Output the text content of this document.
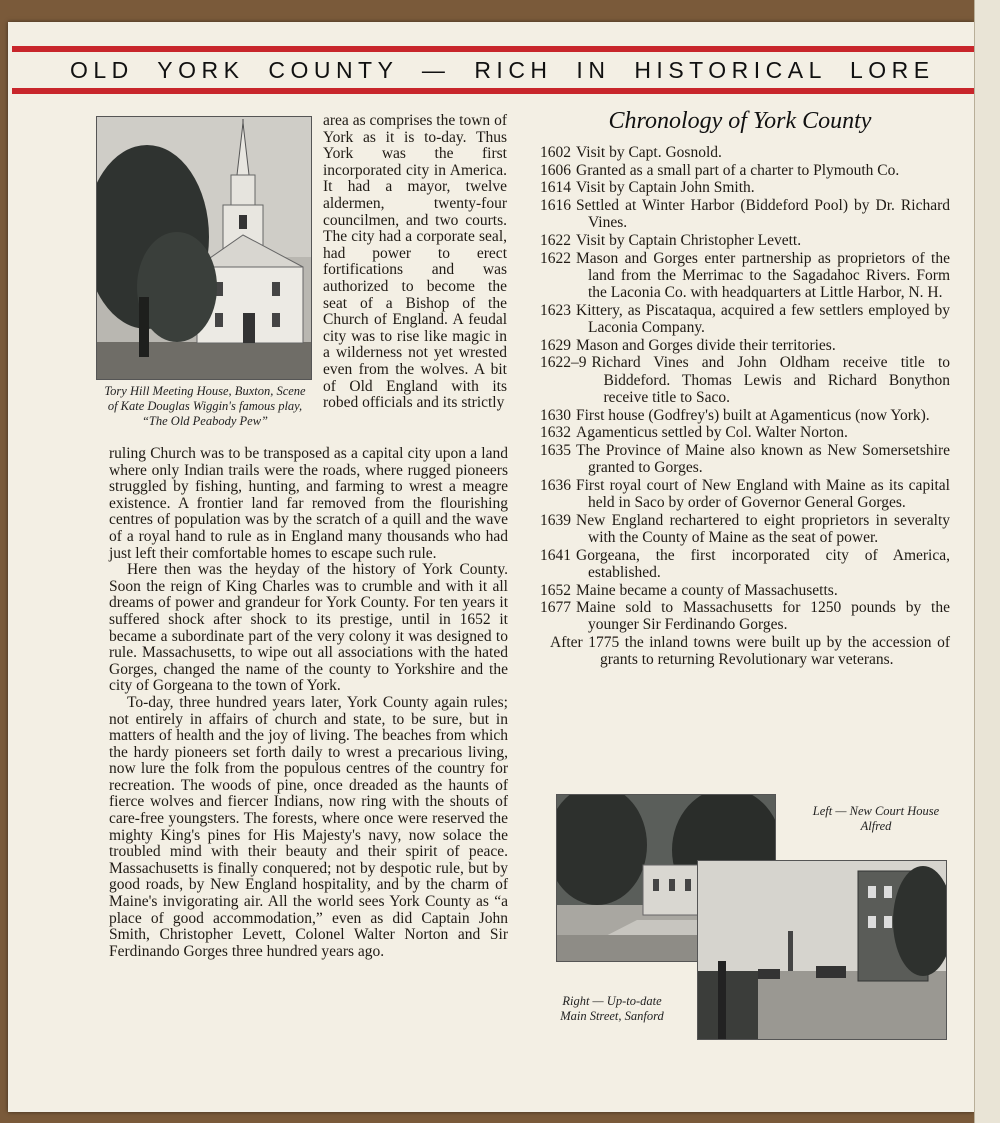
OLD YORK COUNTY — RICH IN HISTORICAL LORE
Tory Hill Meeting House, Buxton, Scene of Kate Douglas Wiggin's famous play, “The Old Peabody Pew”
area as comprises the town of York as it is to-day. Thus York was the first incorporated city in America. It had a mayor, twelve aldermen, twenty-four councilmen, and two courts. The city had a corporate seal, had power to erect fortifications and was authorized to become the seat of a Bishop of the Church of England. A feudal city was to rise like magic in a wilderness not yet wrested even from the wolves. A bit of Old England with its robed officials and its strictly

ruling Church was to be transposed as a capital city upon a land where only Indian trails were the roads, where rugged pioneers struggled by fishing, hunting, and farming to wrest a meagre existence. A frontier land far removed from the flourishing centres of population was by the scratch of a quill and the wave of a royal hand to rule as in England many thousands who had just left their comfortable homes to escape such rule.

Here then was the heyday of the history of York County. Soon the reign of King Charles was to crumble and with it all dreams of power and grandeur for York County. For ten years it suffered shock after shock to its prestige, until in 1652 it became a subordinate part of the very colony it was designed to rule. Massachusetts, to wipe out all associations with the hated Gorges, changed the name of the county to Yorkshire and the city of Gorgeana to the town of York.

To-day, three hundred years later, York County again rules; not entirely in affairs of church and state, to be sure, but in matters of health and the joy of living. The beaches from which the hardy pioneers set forth daily to wrest a precarious living, now lure the folk from the populous centres of the country for recreation. The woods of pine, once dreaded as the haunts of fierce wolves and fiercer Indians, now ring with the shouts of care-free youngsters. The forests, where once were reserved the mighty King's pines for His Majesty's navy, now solace the troubled mind with their beauty and their spirit of peace. Massachusetts is finally conquered; not by despotic rule, but by good roads, by New England hospitality, and by the charm of Maine's invigorating air. All the world sees York County as “a place of good accommodation,” even as did Captain John Smith, Christopher Levett, Colonel Walter Norton and Sir Ferdinando Gorges three hundred years ago.

Chronology of York County
1602 Visit by Capt. Gosnold.
1606 Granted as a small part of a charter to Plymouth Co.
1614 Visit by Captain John Smith.
1616 Settled at Winter Harbor (Biddeford Pool) by Dr. Richard Vines.
1622 Visit by Captain Christopher Levett.
1622 Mason and Gorges enter partnership as proprietors of the land from the Merrimac to the Sagadahoc Rivers. Form the Laconia Co. with headquarters at Little Harbor, N. H.
1623 Kittery, as Piscataqua, acquired a few settlers employed by Laconia Company.
1629 Mason and Gorges divide their territories.
1622–9 Richard Vines and John Oldham receive title to Biddeford. Thomas Lewis and Richard Bonython receive title to Saco.
1630 First house (Godfrey's) built at Agamenticus (now York).
1632 Agamenticus settled by Col. Walter Norton.
1635 The Province of Maine also known as New Somersetshire granted to Gorges.
1636 First royal court of New England with Maine as its capital held in Saco by order of Governor General Gorges.
1639 New England rechartered to eight proprietors in severalty with the County of Maine as the seat of power.
1641 Gorgeana, the first incorporated city of America, established.
1652 Maine became a county of Massachusetts.
1677 Maine sold to Massachusetts for 1250 pounds by the younger Sir Ferdinando Gorges.
After 1775 the inland towns were built up by the accession of grants to returning Revolutionary war veterans.
Left — New Court House Alfred
Right — Up-to-date Main Street, Sanford
